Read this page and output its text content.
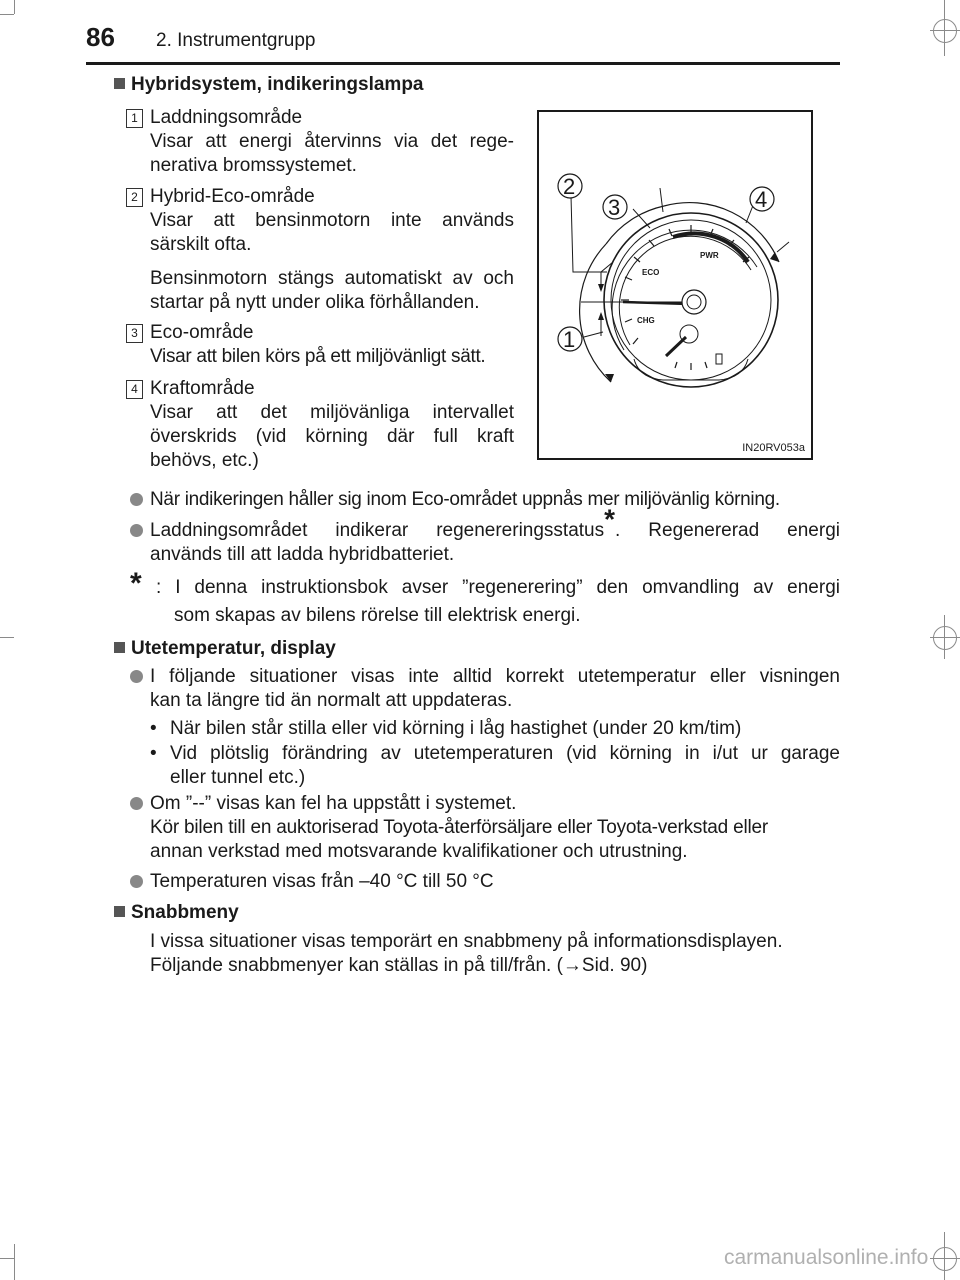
86 2. Instrumentgrupp
Hybridsystem, indikeringslampa
1 Laddningsområde

Visar att energi återvinns via det rege-

nerativa bromssystemet.

2 Hybrid-Eco-område

Visar att bensinmotorn inte används

särskilt ofta.

Bensinmotorn stängs automatiskt av och startar på nytt under olika förhållanden.

3 Eco-område

Visar att bilen körs på ett miljövänligt sätt.

4 Kraftområde

Visar att det miljövänliga intervallet

överskrids (vid körning där full kraft

behövs, etc.)

ECO
PWR
CHG
2
3	4
1
IN20RV053a

När indikeringen håller sig inom Eco-området uppnås mer miljövänlig körning.

Laddningsområdet indikerar regenereringsstatus*. Regenererad energi

används till att ladda hybridbatteriet.

* : I denna instruktionsbok avser ”regenerering” den omvandling av energi

som skapas av bilens rörelse till elektrisk energi.

Utetemperatur, display

I följande situationer visas inte alltid korrekt utetemperatur eller visningen

kan ta längre tid än normalt att uppdateras.

• När bilen står stilla eller vid körning i låg hastighet (under 20 km/tim)

• Vid plötslig förändring av utetemperaturen (vid körning in i/ut ur garage

eller tunnel etc.)

Om ”--” visas kan fel ha uppstått i systemet.

Kör bilen till en auktoriserad Toyota-återförsäljare eller Toyota-verkstad eller

annan verkstad med motsvarande kvalifikationer och utrustning.

Temperaturen visas från –40 °C till 50 °C

Snabbmeny

I vissa situationer visas temporärt en snabbmeny på informationsdisplayen.

Följande snabbmenyer kan ställas in på till/från. (→Sid. 90)

carmanualsonline.info
